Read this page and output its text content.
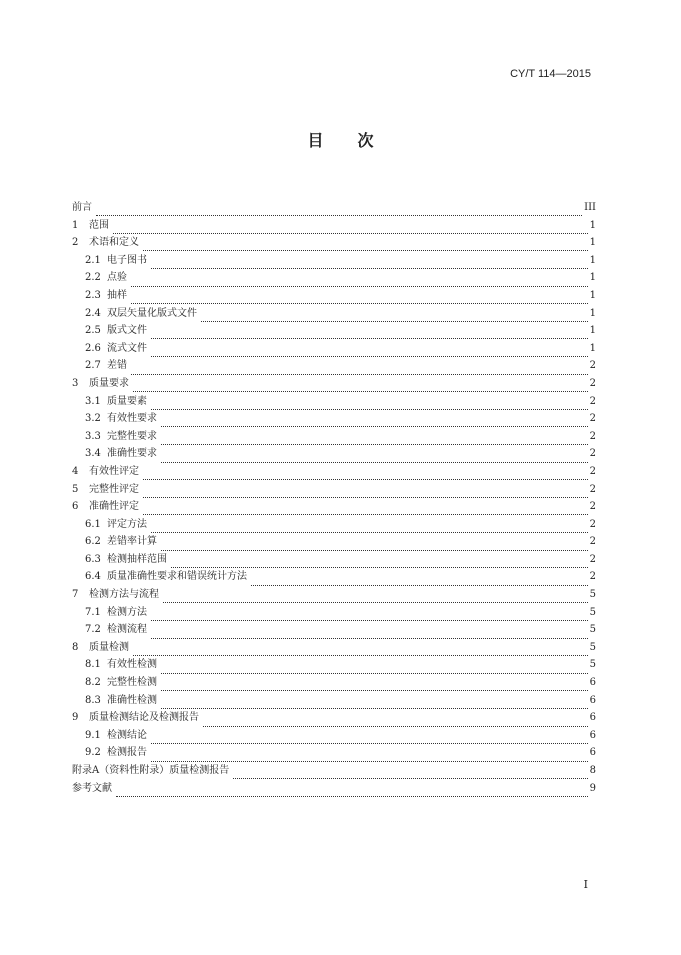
CY/T 114—2015
目次
前言	III
1	范围	1
2	术语和定义	1
2.1 电子图书	1
2.2 点验	1
2.3 抽样	1
2.4 双层矢量化版式文件	1
2.5 版式文件	1
2.6 流式文件	1
2.7 差错	2
3	质量要求	2
3.1 质量要素	2
3.2 有效性要求	2
3.3 完整性要求	2
3.4 准确性要求	2
4	有效性评定	2
5	完整性评定	2
6	准确性评定	2
6.1 评定方法	2
6.2 差错率计算	2
6.3 检测抽样范围	2
6.4 质量准确性要求和错误统计方法	2
7	检测方法与流程	5
7.1 检测方法	5
7.2 检测流程	5
8	质量检测	5
8.1 有效性检测	5
8.2 完整性检测	6
8.3 准确性检测	6
9	质量检测结论及检测报告	6
9.1 检测结论	6
9.2 检测报告	6
附录A（资料性附录）质量检测报告	8
参考文献	9
I
